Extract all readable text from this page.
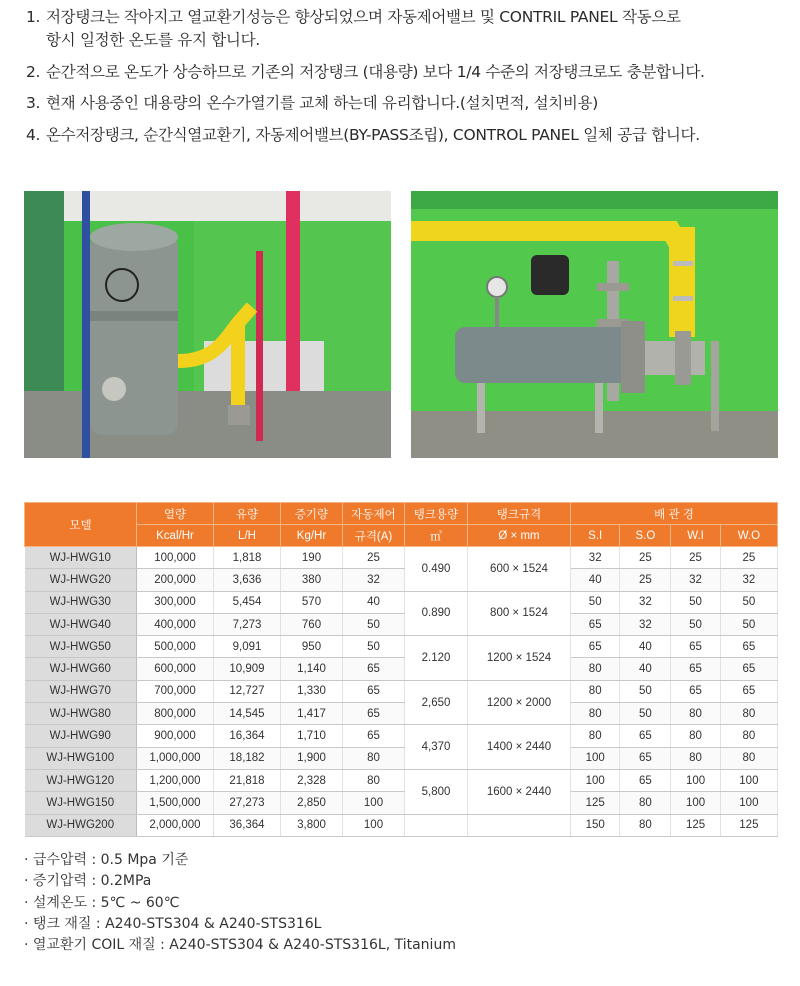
1. 저장탱크는 작아지고 열교환기성능은 향상되었으며 자동제어밸브 및 CONTRIL PANEL 작동으로
항시 일정한 온도를 유지 합니다.
2. 순간적으로 온도가 상승하므로 기존의 저장탱크 (대용량) 보다 1/4 수준의 저장탱크로도 충분합니다.
3. 현재 사용중인 대용량의 온수가열기를 교체 하는데 유리합니다.(설치면적, 설치비용)
4. 온수저장탱크, 순간식열교환기, 자동제어밸브(BY-PASS조립), CONTROL PANEL 일체 공급 합니다.
모델	열량	유량	증기량	자동제어	탱크용량	탱크규격	배 관 경			
	Kcal/Hr	L/H	Kg/Hr	규격(A)	㎥	Ø × mm	S.I	S.O	W.I	W.O
WJ-HWG10	100,000	1,818	190	25	0.490	600 × 1524	32	25	25	25
WJ-HWG20	200,000	3,636	380	32			40	25	32	32
WJ-HWG30	300,000	5,454	570	40	0.890	800 × 1524	50	32	50	50
WJ-HWG40	400,000	7,273	760	50			65	32	50	50
WJ-HWG50	500,000	9,091	950	50	2.120	1200 × 1524	65	40	65	65
WJ-HWG60	600,000	10,909	1,140	65			80	40	65	65
WJ-HWG70	700,000	12,727	1,330	65	2,650	1200 × 2000	80	50	65	65
WJ-HWG80	800,000	14,545	1,417	65			80	50	80	80
WJ-HWG90	900,000	16,364	1,710	65	4,370	1400 × 2440	80	65	80	80
WJ-HWG100	1,000,000	18,182	1,900	80			100	65	80	80
WJ-HWG120	1,200,000	21,818	2,328	80	5,800	1600 × 2440	100	65	100	100
WJ-HWG150	1,500,000	27,273	2,850	100			125	80	100	100
WJ-HWG200	2,000,000	36,364	3,800	100			150	80	125	125
· 급수압력 : 0.5 Mpa 기준
· 증기압력 : 0.2MPa
· 설계온도 : 5℃ ~ 60℃
· 탱크 재질 : A240-STS304 & A240-STS316L
· 열교환기 COIL 재질 : A240-STS304 & A240-STS316L, Titanium
